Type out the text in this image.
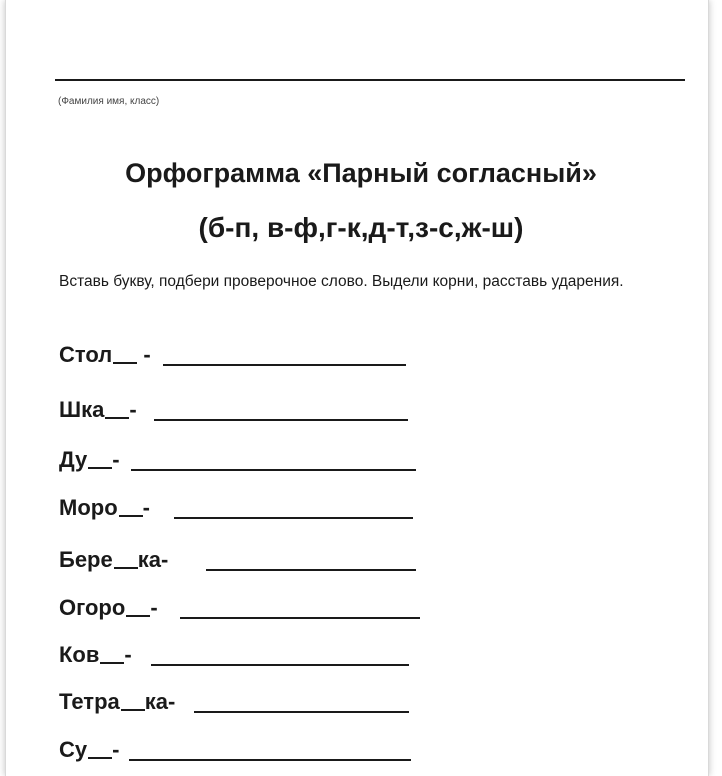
(Фамилия имя, класс)
Орфограмма «Парный согласный»
(б-п, в-ф,г-к,д-т,з-с,ж-ш)
Вставь букву, подбери проверочное слово. Выдели корни, расставь ударения.
Стол -
Шка -
Ду -
Моро -
Бере ка-
Огоро -
Ков -
Тетра ка-
Су -
